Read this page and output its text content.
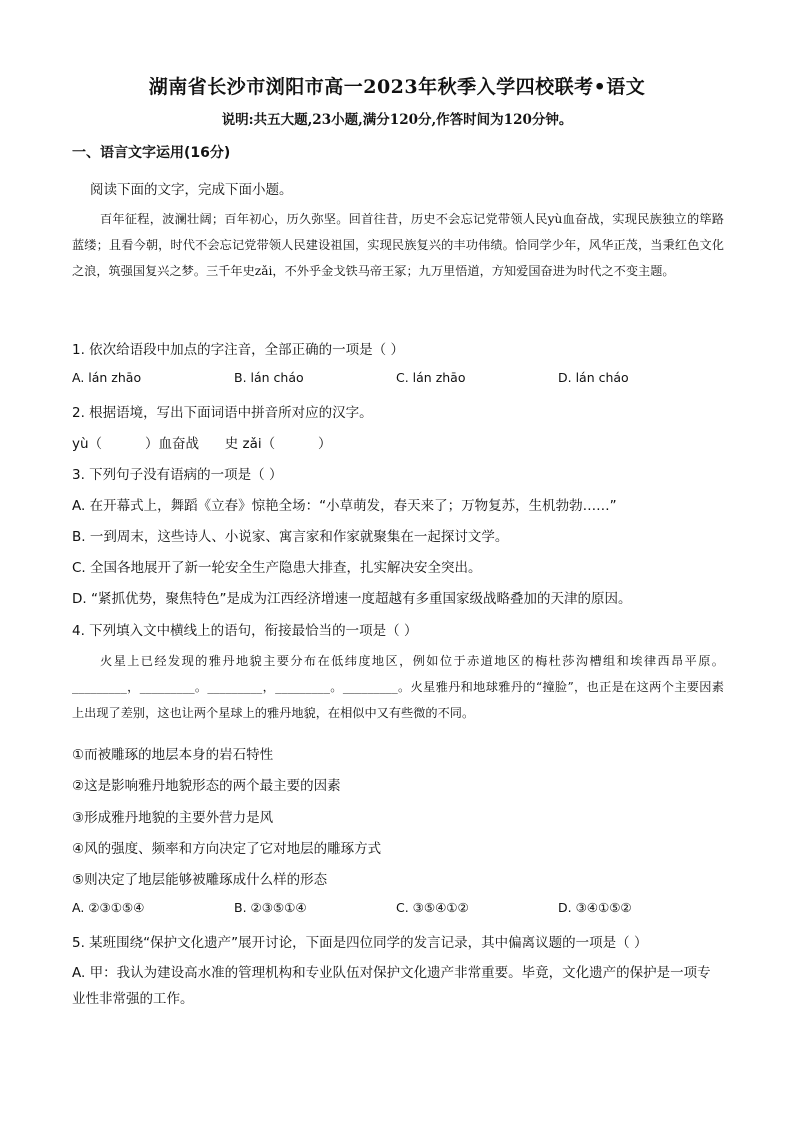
湖南省长沙市浏阳市高一2023年秋季入学四校联考•语文
说明:共五大题,23小题,满分120分,作答时间为120分钟。
一、语言文字运用(16分)
阅读下面的文字，完成下面小题。

百年征程，波澜壮阔；百年初心，历久弥坚。回首往昔，历史不会忘记党带领人民yù血奋战，实现民族独立的筚路蓝缕；且看今朝，时代不会忘记党带领人民建设祖国，实现民族复兴的丰功伟绩。恰同学少年，风华正茂，当秉红色文化之浪，筑强国复兴之梦。三千年史zǎi，不外乎金戈铁马帝王冢；九万里悟道，方知爱国奋进为时代之不变主题。

1. 依次给语段中加点的字注音，全部正确的一项是（ ）
A. lán zhāo	B. lán cháo	C. lán zhāo	D. lán cháo
2. 根据语境，写出下面词语中拼音所对应的汉字。
yù（          ）血奋战      史 zǎi（          ）
3. 下列句子没有语病的一项是（ ）
A. 在开幕式上，舞蹈《立春》惊艳全场：“小草萌发，春天来了；万物复苏，生机勃勃……”
B. 一到周末，这些诗人、小说家、寓言家和作家就聚集在一起探讨文学。
C. 全国各地展开了新一轮安全生产隐患大排查，扎实解决安全突出。
D. “紧抓优势，聚焦特色”是成为江西经济增速一度超越有多重国家级战略叠加的天津的原因。
4. 下列填入文中横线上的语句，衔接最恰当的一项是（ ）

火星上已经发现的雅丹地貌主要分布在低纬度地区，例如位于赤道地区的梅杜莎沟槽组和埃律西昂平原。_________，_________。_________，_________。_________。火星雅丹和地球雅丹的“撞脸”，也正是在这两个主要因素上出现了差别，这也让两个星球上的雅丹地貌，在相似中又有些微的不同。

①而被雕琢的地层本身的岩石特性
②这是影响雅丹地貌形态的两个最主要的因素
③形成雅丹地貌的主要外营力是风
④风的强度、频率和方向决定了它对地层的雕琢方式
⑤则决定了地层能够被雕琢成什么样的形态
A. ②③①⑤④	B. ②③⑤①④	C. ③⑤④①②	D. ③④①⑤②
5. 某班围绕“保护文化遗产”展开讨论，下面是四位同学的发言记录，其中偏离议题的一项是（ ）
A. 甲：我认为建设高水准的管理机构和专业队伍对保护文化遗产非常重要。毕竟，文化遗产的保护是一项专业性非常强的工作。
